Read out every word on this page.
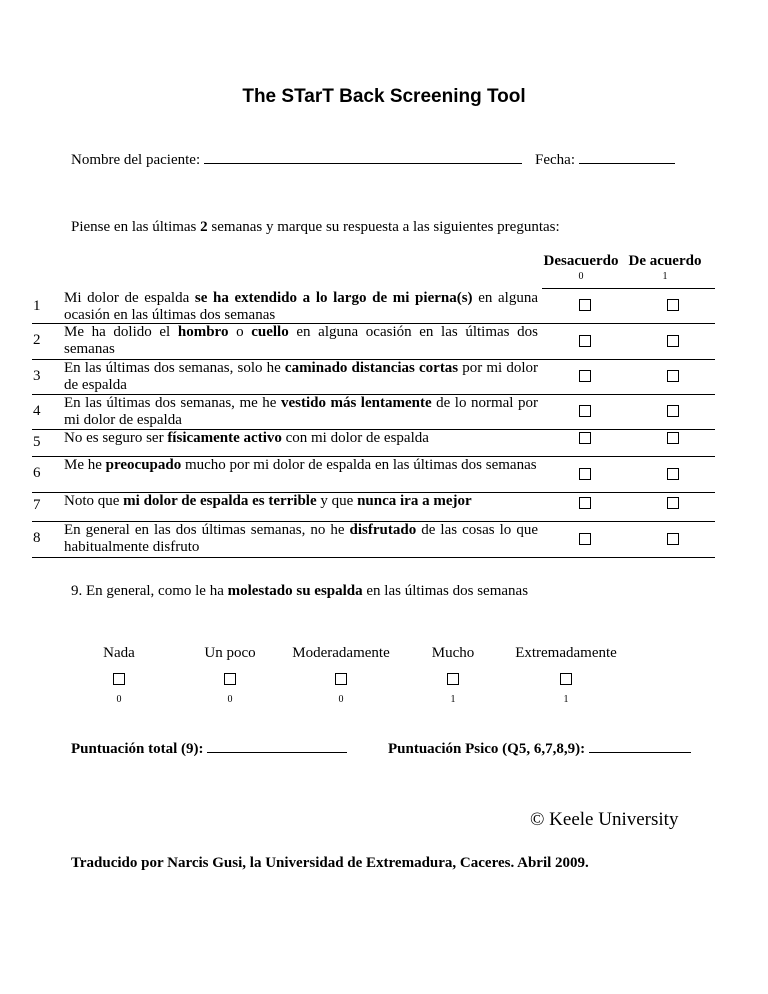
The STarT Back Screening Tool
Nombre del paciente:	Fecha:
Piense en las últimas 2 semanas y marque su respuesta a las siguientes preguntas:
Desacuerdo De acuerdo
0	1
1	Mi dolor de espalda se ha extendido a lo largo de mi pierna(s) en alguna ocasión en las últimas dos semanas
2	Me ha dolido el hombro o cuello en alguna ocasión en las últimas dos semanas
3	En las últimas dos semanas, solo he caminado distancias cortas por mi dolor de espalda
4	En las últimas dos semanas, me he vestido más lentamente de lo normal por mi dolor de espalda
5	No es seguro ser físicamente activo con mi dolor de espalda
6	Me he preocupado mucho por mi dolor de espalda en las últimas dos semanas
7	Noto que mi dolor de espalda es terrible y que nunca ira a mejor
8	En general en las dos últimas semanas, no he disfrutado de las cosas lo que habitualmente disfruto
9. En general, como le ha molestado su espalda en las últimas dos semanas
Nada
0
Un poco
0
Moderadamente
0
Mucho
1
Extremadamente
1
Puntuación total (9):	Puntuación Psico (Q5, 6,7,8,9):
© Keele University
Traducido por Narcis Gusi, la Universidad de Extremadura, Caceres. Abril 2009.
